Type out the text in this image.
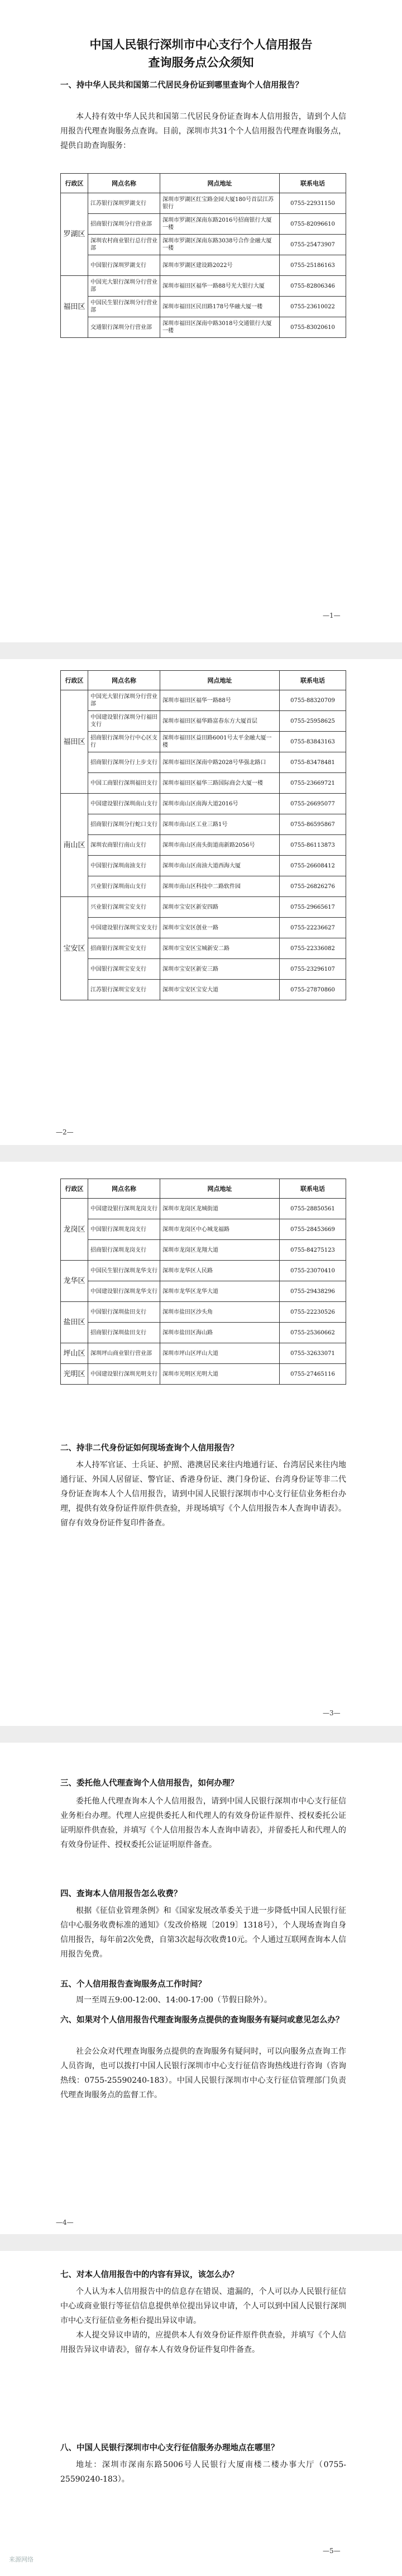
中国人民银行深圳市中心支行个人信用报告
查询服务点公众须知
一、持中华人民共和国第二代居民身份证到哪里查询个人信用报告？

本人持有效中华人民共和国第二代居民身份证查询本人信用报告，请到个人信用报告代理查询服务点查询。目前，深圳市共31个个人信用报告代理查询服务点，提供自助查询服务：

行政区	网点名称	网点地址	联系电话
罗湖区	江苏银行深圳罗湖支行	深圳市罗湖区红宝路金园大厦180号首层江苏银行	0755-22931150
	招商银行深圳分行营业部	深圳市罗湖区深南东路2016号招商银行大厦一楼	0755-82096610
	深圳农村商业银行总行营业部	深圳市罗湖区深南东路3038号合作金融大厦一楼	0755-25473907
	中国银行深圳罗湖支行	深圳市罗湖区建设路2022号	0755-25186163
福田区	中国光大银行深圳分行营业部	深圳市福田区福华一路88号光大银行大厦	0755-82806346
	中国民生银行深圳分行营业部	深圳市福田区民田路178号华融大厦一楼	0755-23610022
	交通银行深圳分行营业部	深圳市福田区深南中路3018号交通银行大厦一楼	0755-83020610
—1—
行政区	网点名称	网点地址	联系电话
福田区	中国光大银行深圳分行营业部	深圳市福田区福华一路88号	0755-88320709
	中国建设银行深圳分行福田支行	深圳市福田区福华路富春东方大厦首层	0755-25958625
	招商银行深圳分行中心区支行	深圳市福田区益田路6001号太平金融大厦一楼	0755-83843163
	招商银行深圳分行上步支行	深圳市福田区深南中路2028号华强北路口	0755-83478481
	中国工商银行深圳福田支行	深圳市福田区福华三路国际商会大厦一楼	0755-23669721
南山区	中国建设银行深圳南山支行	深圳市南山区南海大道2016号	0755-26695077
	招商银行深圳分行蛇口支行	深圳市南山区工业三路1号	0755-86595867
	深圳农商银行南山支行	深圳市南山区南头街道南新路2056号	0755-86113873
	中国银行深圳南油支行	深圳市南山区南油大道西海大厦	0755-26608412
	兴业银行深圳南山支行	深圳市南山区科技中二路软件园	0755-26826276
宝安区	兴业银行深圳宝安支行	深圳市宝安区新安四路	0755-29665617
	中国建设银行深圳宝安支行	深圳市宝安区创业一路	0755-22236627
	招商银行深圳宝安支行	深圳市宝安区宝城新安二路	0755-22336082
	中国银行深圳宝安支行	深圳市宝安区新安三路	0755-23296107
	江苏银行深圳宝安支行	深圳市宝安区宝安大道	0755-27870860
—2—
行政区	网点名称	网点地址	联系电话
龙岗区	中国建设银行深圳龙岗支行	深圳市龙岗区龙城街道	0755-28850561
	中国银行深圳龙岗支行	深圳市龙岗区中心城龙福路	0755-28453669
	招商银行深圳龙岗支行	深圳市龙岗区龙翔大道	0755-84275123
龙华区	中国民生银行深圳龙华支行	深圳市龙华区人民路	0755-23070410
	中国建设银行深圳龙华支行	深圳市龙华区龙华大道	0755-29438296
盐田区	中国银行深圳盐田支行	深圳市盐田区沙头角	0755-22230526
	招商银行深圳盐田支行	深圳市盐田区海山路	0755-25360662
坪山区	深圳坪山商业银行营业部	深圳市坪山区坪山大道	0755-32633071
光明区	中国建设银行深圳光明支行	深圳市光明区光明大道	0755-27465116
二、持非二代身份证如何现场查询个人信用报告？

本人持军官证、士兵证、护照、港澳居民来往内地通行证、台湾居民来往内地通行证、外国人居留证、警官证、香港身份证、澳门身份证、台湾身份证等非二代身份证查询本人个人信用报告，请到中国人民银行深圳市中心支行征信业务柜台办理，提供有效身份证件原件供查验，并现场填写《个人信用报告本人查询申请表》。留存有效身份证件复印件备查。

—3—
三、委托他人代理查询个人信用报告，如何办理？

委托他人代理查询本人个人信用报告，请到中国人民银行深圳市中心支行征信业务柜台办理。代理人应提供委托人和代理人的有效身份证件原件、授权委托公证证明原件供查验，并填写《个人信用报告本人查询申请表》，并留委托人和代理人的有效身份证件、授权委托公证证明原件备查。

四、查询本人信用报告怎么收费？

根据《征信业管理条例》和《国家发展改革委关于进一步降低中国人民银行征信中心服务收费标准的通知》（发改价格规〔2019〕1318号），个人现场查询自身信用报告，每年前2次免费，自第3次起每次收费10元。个人通过互联网查询本人信用报告免费。

五、个人信用报告查询服务点工作时间？

周一至周五9:00-12:00、14:00-17:00（节假日除外）。

六、如果对个人信用报告代理查询服务点提供的查询服务有疑问或意见怎么办？

社会公众对代理查询服务点提供的查询服务有疑问时，可以向服务点查询工作人员咨询，也可以拨打中国人民银行深圳市中心支行征信咨询热线进行咨询（咨询热线：0755-25590240-183）。中国人民银行深圳市中心支行征信管理部门负责代理查询服务点的监督工作。

—4—
七、对本人信用报告中的内容有异议，该怎么办？

个人认为本人信用报告中的信息存在错误、遗漏的，个人可以办人民银行征信中心或商业银行等征信信息提供单位提出异议申请，个人可以到中国人民银行深圳市中心支行征信业务柜台提出异议申请。

本人提交异议申请的，应提供本人有效身份证件原件供查验，并填写《个人信用报告异议申请表》，留存本人有效身份证件复印件备查。

八、中国人民银行深圳市中心支行征信服务办理地点在哪里？

地址：深圳市深南东路5006号人民银行大厦南楼二楼办事大厅（0755-25590240-183）。

—5—
来源网络
